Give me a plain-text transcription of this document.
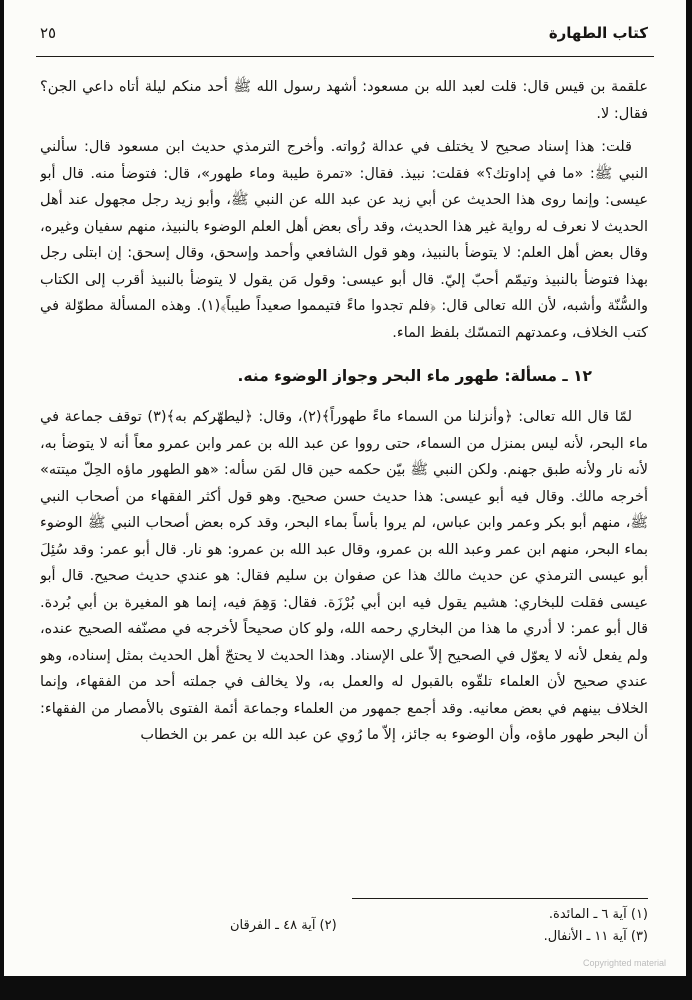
٢٥	كتاب الطهارة

علقمة بن قيس قال: قلت لعبد الله بن مسعود: أشهد رسول الله ﷺ أحد منكم ليلة أتاه داعي الجن؟ فقال: لا.

قلت: هذا إسناد صحيح لا يختلف في عدالة رُواته. وأخرج الترمذي حديث ابن مسعود قال: سألني النبي ﷺ: «ما في إداوتك؟» فقلت: نبيذ. فقال: «تمرة طيبة وماء طهور»، قال: فتوضأ منه. قال أبو عيسى: وإنما روى هذا الحديث عن أبي زيد عن عبد الله عن النبي ﷺ، وأبو زيد رجل مجهول عند أهل الحديث لا نعرف له رواية غير هذا الحديث، وقد رأى بعض أهل العلم الوضوء بالنبيذ، منهم سفيان وغيره، وقال بعض أهل العلم: لا يتوضأ بالنبيذ، وهو قول الشافعي وأحمد وإسحق، وقال إسحق: إن ابتلى رجل بهذا فتوضأ بالنبيذ وتيمّم أحبّ إليّ. قال أبو عيسى: وقول مَن يقول لا يتوضأ بالنبيذ أقرب إلى الكتاب والسُّنّة وأشبه، لأن الله تعالى قال: ﴿فلم تجدوا ماءً فتيمموا صعيداً طيباً﴾(١). وهذه المسألة مطوّلة في كتب الخلاف، وعمدتهم التمسّك بلفظ الماء.

١٢ ـ مسألة: طهور ماء البحر وجواز الوضوء منه.

لمّا قال الله تعالى: ﴿وأنزلنا من السماء ماءً طهوراً﴾(٢)، وقال: ﴿ليطهّركم به﴾(٣) توقف جماعة في ماء البحر، لأنه ليس بمنزل من السماء، حتى رووا عن عبد الله بن عمر وابن عمرو معاً أنه لا يتوضأ به، لأنه نار ولأنه طبق جهنم. ولكن النبي ﷺ بيّن حكمه حين قال لمَن سأله: «هو الطهور ماؤه الحِلّ ميتته» أخرجه مالك. وقال فيه أبو عيسى: هذا حديث حسن صحيح. وهو قول أكثر الفقهاء من أصحاب النبي ﷺ، منهم أبو بكر وعمر وابن عباس، لم يروا بأساً بماء البحر، وقد كره بعض أصحاب النبي ﷺ الوضوء بماء البحر، منهم ابن عمر وعبد الله بن عمرو، وقال عبد الله بن عمرو: هو نار. قال أبو عمر: وقد سُئِلَ أبو عيسى الترمذي عن حديث مالك هذا عن صفوان بن سليم فقال: هو عندي حديث صحيح. قال أبو عيسى فقلت للبخاري: هشيم يقول فيه ابن أبي بُرْزَة. فقال: وَهِمَ فيه، إنما هو المغيرة بن أبي بُردة. قال أبو عمر: لا أدري ما هذا من البخاري رحمه الله، ولو كان صحيحاً لأخرجه في مصنّفه الصحيح عنده، ولم يفعل لأنه لا يعوّل في الصحيح إلاّ على الإسناد. وهذا الحديث لا يحتجّ أهل الحديث بمثل إسناده، وهو عندي صحيح لأن العلماء تلقّوه بالقبول له والعمل به، ولا يخالف في جملته أحد من الفقهاء، وإنما الخلاف بينهم في بعض معانيه. وقد أجمع جمهور من العلماء وجماعة أئمة الفتوى بالأمصار من الفقهاء: أن البحر طهور ماؤه، وأن الوضوء به جائز، إلاّ ما رُوي عن عبد الله بن عمر بن الخطاب

(١) آية ٦ ـ المائدة.
(٣) آية ١١ ـ الأنفال.
(٢) آية ٤٨ ـ الفرقان
Copyrighted material
